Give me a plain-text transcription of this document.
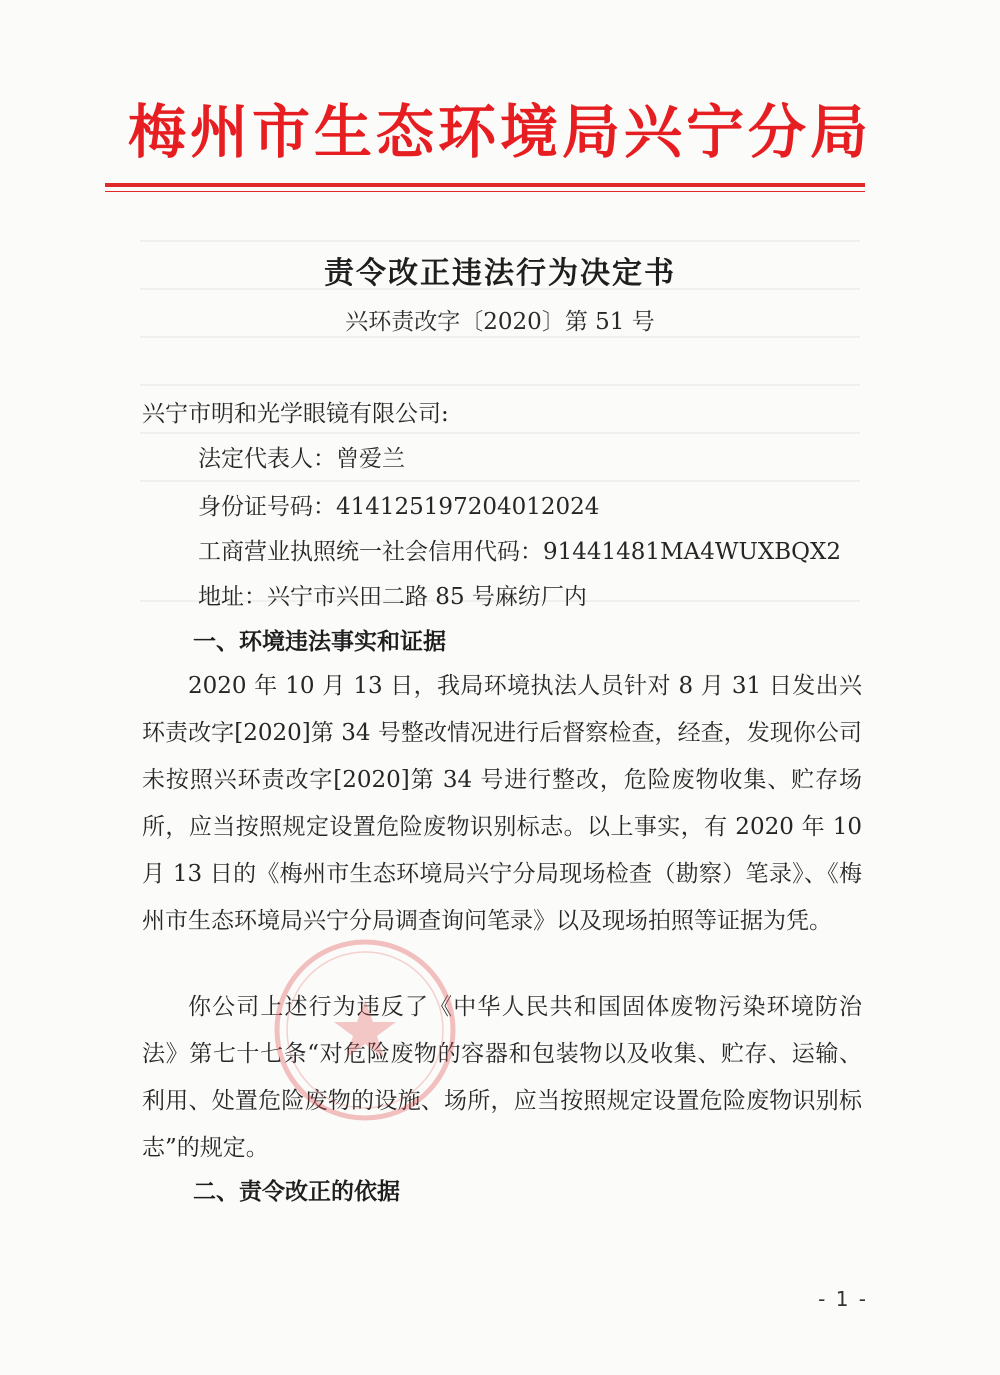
梅州市生态环境局兴宁分局
责令改正违法行为决定书
兴环责改字〔2020〕第 51 号
兴宁市明和光学眼镜有限公司:
法定代表人：曾爱兰
身份证号码：414125197204012024
工商营业执照统一社会信用代码：91441481MA4WUXBQX2
地址：兴宁市兴田二路 85 号麻纺厂内
一、环境违法事实和证据
2020 年 10 月 13 日，我局环境执法人员针对 8 月 31 日发出兴环责改字[2020]第 34 号整改情况进行后督察检查，经查，发现你公司未按照兴环责改字[2020]第 34 号进行整改，危险废物收集、贮存场所，应当按照规定设置危险废物识别标志。以上事实，有 2020 年 10 月 13 日的《梅州市生态环境局兴宁分局现场检查（勘察）笔录》、《梅州市生态环境局兴宁分局调查询问笔录》以及现场拍照等证据为凭。
你公司上述行为违反了《中华人民共和国固体废物污染环境防治法》第七十七条“对危险废物的容器和包装物以及收集、贮存、运输、利用、处置危险废物的设施、场所，应当按照规定设置危险废物识别标志”的规定。
二、责令改正的依据
- 1 -
